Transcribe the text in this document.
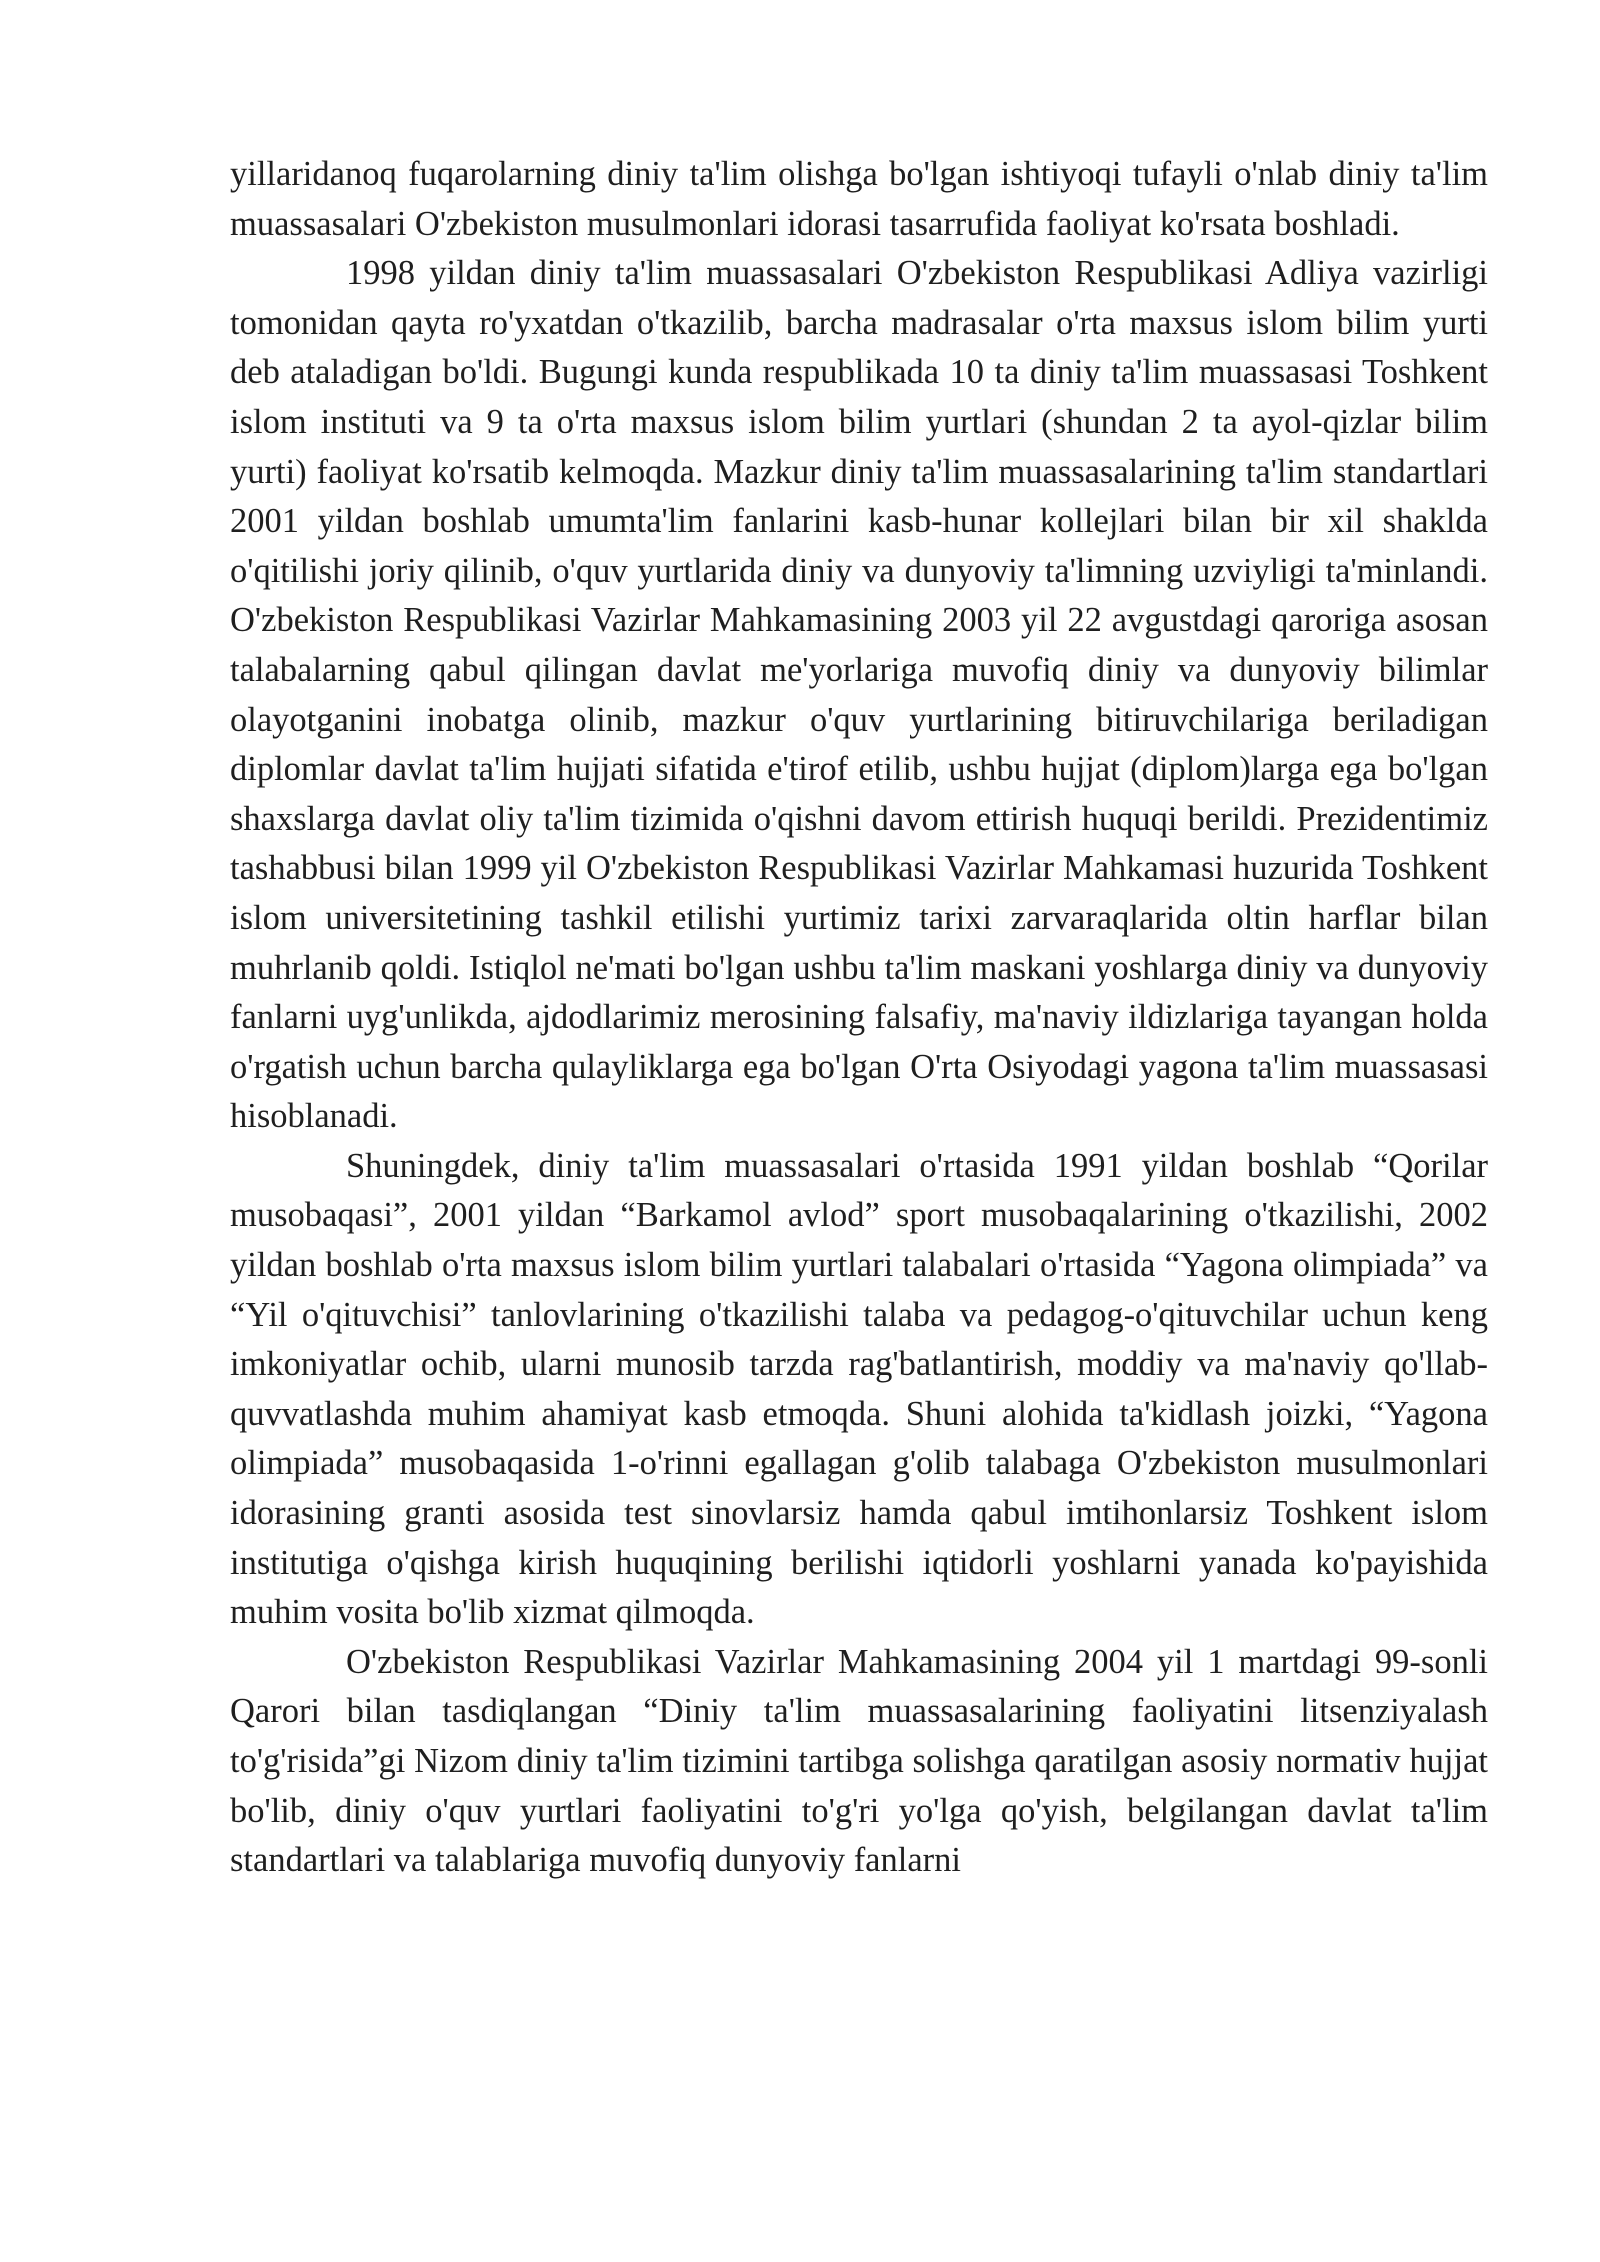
yillaridanoq fuqarolarning diniy ta'lim olishga bo'lgan ishtiyoqi tufayli o'nlab diniy ta'lim muassasalari O'zbekiston musulmonlari idorasi tasarrufida faoliyat ko'rsata boshladi.

1998 yildan diniy ta'lim muassasalari O'zbekiston Respublikasi Adliya vazirligi tomonidan qayta ro'yxatdan o'tkazilib, barcha madrasalar o'rta maxsus islom bilim yurti deb ataladigan bo'ldi. Bugungi kunda respublikada 10 ta diniy ta'lim muassasasi Toshkent islom instituti va 9 ta o'rta maxsus islom bilim yurtlari (shundan 2 ta ayol-qizlar bilim yurti) faoliyat ko'rsatib kelmoqda. Mazkur diniy ta'lim muassasalarining ta'lim standartlari 2001 yildan boshlab umumta'lim fanlarini kasb-hunar kollejlari bilan bir xil shaklda o'qitilishi joriy qilinib, o'quv yurtlarida diniy va dunyoviy ta'limning uzviyligi ta'minlandi. O'zbekiston Respublikasi Vazirlar Mahkamasining 2003 yil 22 avgustdagi qaroriga asosan talabalarning qabul qilingan davlat me'yorlariga muvofiq diniy va dunyoviy bilimlar olayotganini inobatga olinib, mazkur o'quv yurtlarining bitiruvchilariga beriladigan diplomlar davlat ta'lim hujjati sifatida e'tirof etilib, ushbu hujjat (diplom)larga ega bo'lgan shaxslarga davlat oliy ta'lim tizimida o'qishni davom ettirish huquqi berildi. Prezidentimiz tashabbusi bilan 1999 yil O'zbekiston Respublikasi Vazirlar Mahkamasi huzurida Toshkent islom universitetining tashkil etilishi yurtimiz tarixi zarvaraqlarida oltin harflar bilan muhrlanib qoldi. Istiqlol ne'mati bo'lgan ushbu ta'lim maskani yoshlarga diniy va dunyoviy fanlarni uyg'unlikda, ajdodlarimiz merosining falsafiy, ma'naviy ildizlariga tayangan holda o'rgatish uchun barcha qulayliklarga ega bo'lgan O'rta Osiyodagi yagona ta'lim muassasasi hisoblanadi.

Shuningdek, diniy ta'lim muassasalari o'rtasida 1991 yildan boshlab “Qorilar musobaqasi”, 2001 yildan “Barkamol avlod” sport musobaqalarining o'tkazilishi, 2002 yildan boshlab o'rta maxsus islom bilim yurtlari talabalari o'rtasida “Yagona olimpiada” va “Yil o'qituvchisi” tanlovlarining o'tkazilishi talaba va pedagog-o'qituvchilar uchun keng imkoniyatlar ochib, ularni munosib tarzda rag'batlantirish, moddiy va ma'naviy qo'llab-quvvatlashda muhim ahamiyat kasb etmoqda. Shuni alohida ta'kidlash joizki, “Yagona olimpiada” musobaqasida 1-o'rinni egallagan g'olib talabaga O'zbekiston musulmonlari idorasining granti asosida test sinovlarsiz hamda qabul imtihonlarsiz Toshkent islom institutiga o'qishga kirish huquqining berilishi iqtidorli yoshlarni yanada ko'payishida muhim vosita bo'lib xizmat qilmoqda.

O'zbekiston Respublikasi Vazirlar Mahkamasining 2004 yil 1 martdagi 99-sonli Qarori bilan tasdiqlangan “Diniy ta'lim muassasalarining faoliyatini litsenziyalash to'g'risida”gi Nizom diniy ta'lim tizimini tartibga solishga qaratilgan asosiy normativ hujjat bo'lib, diniy o'quv yurtlari faoliyatini to'g'ri yo'lga qo'yish, belgilangan davlat ta'lim standartlari va talablariga muvofiq dunyoviy fanlarni
